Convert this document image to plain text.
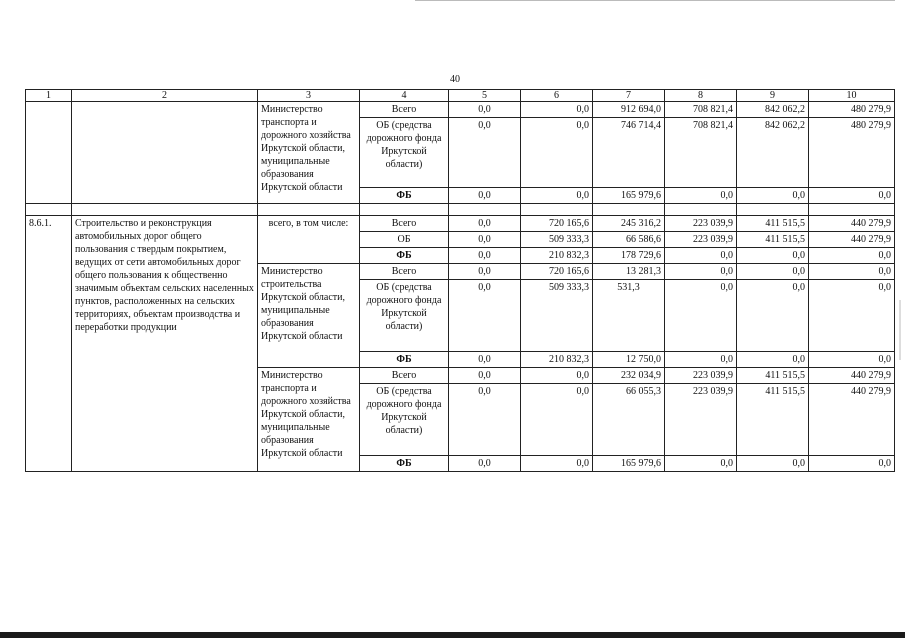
40
1	2	3	4	5	6	7	8	9	10
		Министерство транспорта и дорожного хозяйства Иркутской области, муниципальные образования Иркутской области	Всего	0,0	0,0	912 694,0	708 821,4	842 062,2	480 279,9
			ОБ (средства дорожного фонда Иркутской области)	0,0	0,0	746 714,4	708 821,4	842 062,2	480 279,9
			ФБ	0,0	0,0	165 979,6	0,0	0,0	0,0

8.6.1.	Строительство и реконструкция автомобильных дорог общего пользования с твердым покрытием, ведущих от сети автомобильных дорог общего пользования к общественно значимым объектам сельских населенных пунктов, расположенных на сельских территориях, объектам производства и переработки продукции	всего, в том числе:	Всего	0,0	720 165,6	245 316,2	223 039,9	411 515,5	440 279,9
			ОБ	0,0	509 333,3	66 586,6	223 039,9	411 515,5	440 279,9
			ФБ	0,0	210 832,3	178 729,6	0,0	0,0	0,0
		Министерство строительства Иркутской области, муниципальные образования Иркутской области	Всего	0,0	720 165,6	13 281,3	0,0	0,0	0,0
			ОБ (средства дорожного фонда Иркутской области)	0,0	509 333,3	531,3	0,0	0,0	0,0
			ФБ	0,0	210 832,3	12 750,0	0,0	0,0	0,0
		Министерство транспорта и дорожного хозяйства Иркутской области, муниципальные образования Иркутской области	Всего	0,0	0,0	232 034,9	223 039,9	411 515,5	440 279,9
			ОБ (средства дорожного фонда Иркутской области)	0,0	0,0	66 055,3	223 039,9	411 515,5	440 279,9
			ФБ	0,0	0,0	165 979,6	0,0	0,0	0,0
